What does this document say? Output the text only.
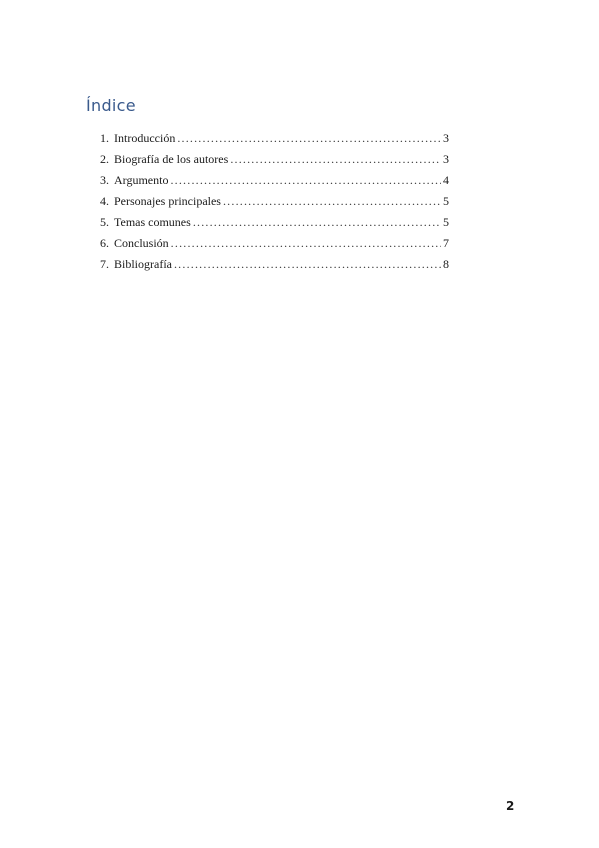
Índice
1. Introducción .....	3
2. Biografía de los autores .....	3
3. Argumento .....	4
4. Personajes principales .....	5
5. Temas comunes .....	5
6. Conclusión .....	7
7. Bibliografía .....	8
2
